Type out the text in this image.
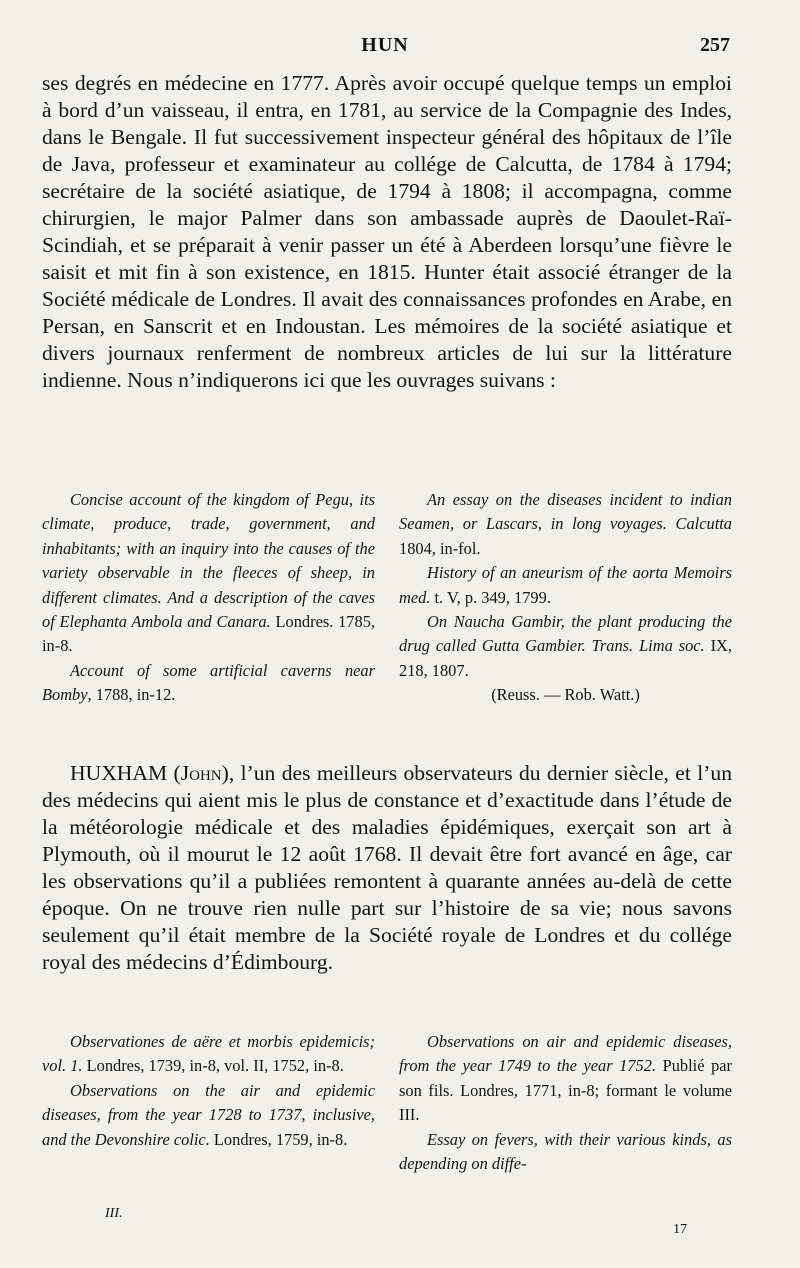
HUN	257

ses degrés en médecine en 1777. Après avoir occupé quelque temps un emploi à bord d’un vaisseau, il entra, en 1781, au service de la Compagnie des Indes, dans le Bengale. Il fut successivement inspecteur général des hôpitaux de l’île de Java, professeur et examinateur au collége de Calcutta, de 1784 à 1794; secrétaire de la société asiatique, de 1794 à 1808; il accompagna, comme chirurgien, le major Palmer dans son ambassade auprès de Daoulet-Raï-Scindiah, et se préparait à venir passer un été à Aberdeen lorsqu’une fièvre le saisit et mit fin à son existence, en 1815. Hunter était associé étranger de la Société médicale de Londres. Il avait des connaissances profondes en Arabe, en Persan, en Sanscrit et en Indoustan. Les mémoires de la société asiatique et divers journaux renferment de nombreux articles de lui sur la littérature indienne. Nous n’indiquerons ici que les ouvrages suivans :

Concise account of the kingdom of Pegu, its climate, produce, trade, government, and inhabitants; with an inquiry into the causes of the variety observable in the fleeces of sheep, in different climates. And a description of the caves of Elephanta Ambola and Canara. Londres. 1785, in-8.

Account of some artificial caverns near Bomby, 1788, in-12.

An essay on the diseases incident to indian Seamen, or Lascars, in long voyages. Calcutta 1804, in-fol.

History of an aneurism of the aorta Memoirs med. t. V, p. 349, 1799.

On Naucha Gambir, the plant producing the drug called Gutta Gambier. Trans. Lima soc. IX, 218, 1807.

(Reuss. — Rob. Watt.)

HUXHAM (John), l’un des meilleurs observateurs du dernier siècle, et l’un des médecins qui aient mis le plus de constance et d’exactitude dans l’étude de la météorologie médicale et des maladies épidémiques, exerçait son art à Plymouth, où il mourut le 12 août 1768. Il devait être fort avancé en âge, car les observations qu’il a publiées remontent à quarante années au-delà de cette époque. On ne trouve rien nulle part sur l’histoire de sa vie; nous savons seulement qu’il était membre de la Société royale de Londres et du collége royal des médecins d’Édimbourg.

Observationes de aëre et morbis epidemicis; vol. 1. Londres, 1739, in-8, vol. II, 1752, in-8.

Observations on the air and epidemic diseases, from the year 1728 to 1737, inclusive, and the Devonshire colic. Londres, 1759, in-8.

Observations on air and epidemic diseases, from the year 1749 to the year 1752. Publié par son fils. Londres, 1771, in-8; formant le volume III.

Essay on fevers, with their various kinds, as depending on diffe-

III.
17
